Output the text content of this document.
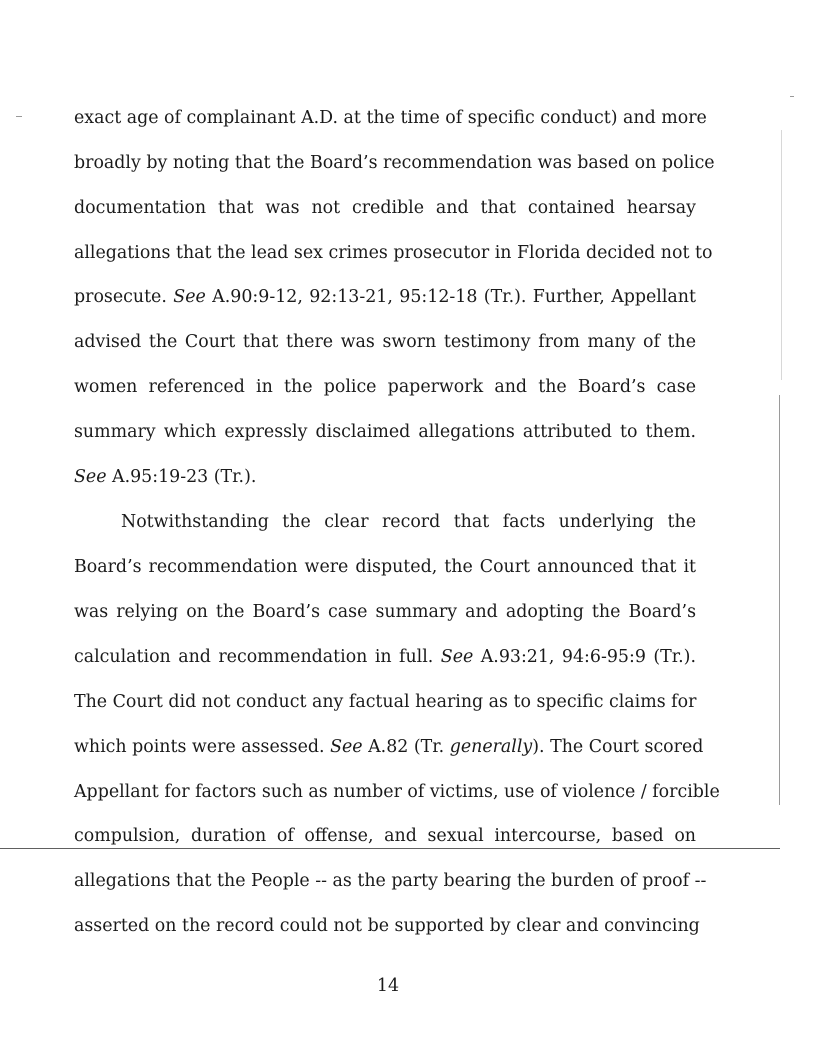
exact age of complainant A.D. at the time of specific conduct) and more
broadly by noting that the Board’s recommendation was based on police
documentation that was not credible and that contained hearsay
allegations that the lead sex crimes prosecutor in Florida decided not to
prosecute. See A.90:9-12, 92:13-21, 95:12-18 (Tr.). Further, Appellant
advised the Court that there was sworn testimony from many of the
women referenced in the police paperwork and the Board’s case
summary which expressly disclaimed allegations attributed to them.
See A.95:19-23 (Tr.).
Notwithstanding the clear record that facts underlying the
Board’s recommendation were disputed, the Court announced that it
was relying on the Board’s case summary and adopting the Board’s
calculation and recommendation in full. See A.93:21, 94:6-95:9 (Tr.).
The Court did not conduct any factual hearing as to specific claims for
which points were assessed. See A.82 (Tr. generally). The Court scored
Appellant for factors such as number of victims, use of violence / forcible
compulsion, duration of offense, and sexual intercourse, based on
allegations that the People -- as the party bearing the burden of proof --
asserted on the record could not be supported by clear and convincing
14
